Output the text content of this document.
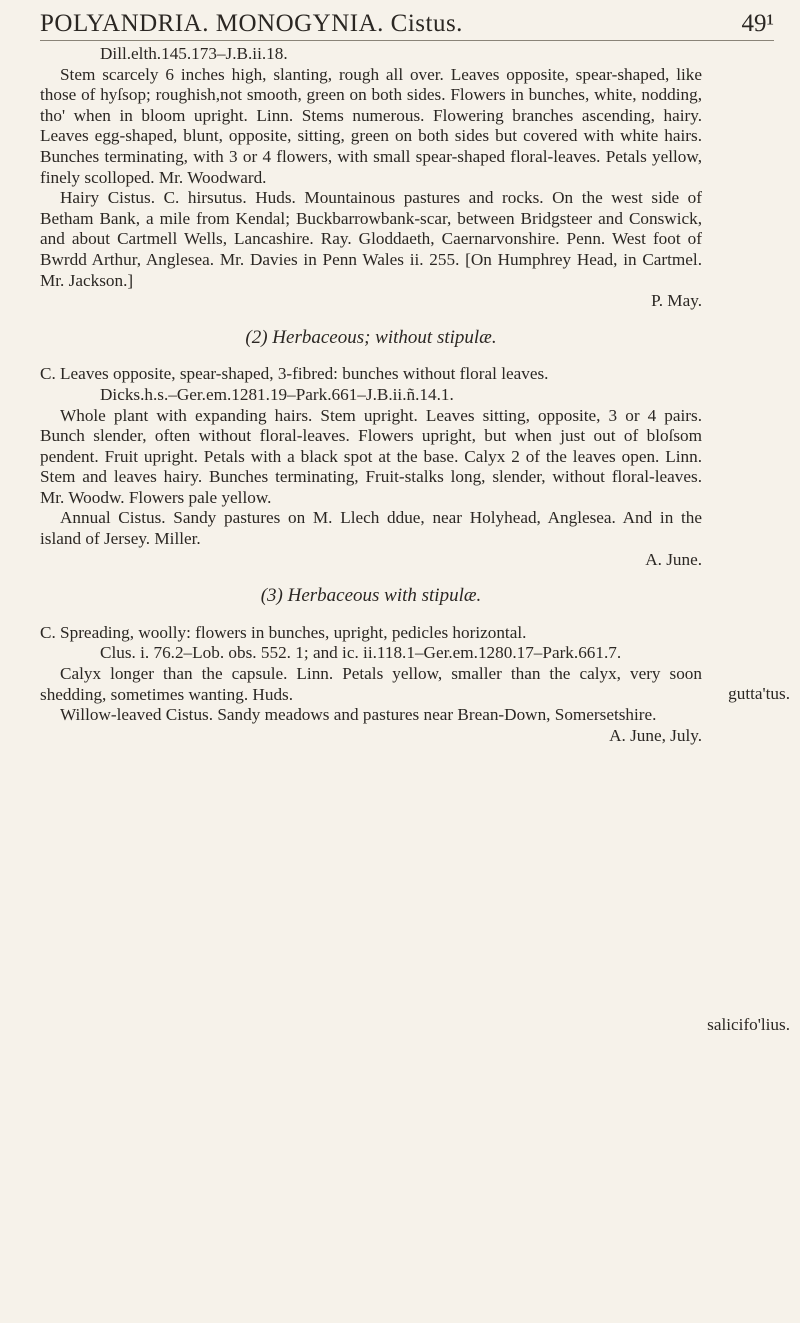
POLYANDRIA. MONOGYNIA. Cistus.	49¹

Dill.elth.145.173–J.B.ii.18.

Stem scarcely 6 inches high, slanting, rough all over. Leaves opposite, spear-shaped, like those of hyſsop; roughish,not smooth, green on both sides. Flowers in bunches, white, nodding, tho' when in bloom upright. Linn. Stems numerous. Flowering branches ascending, hairy. Leaves egg-shaped, blunt, opposite, sitting, green on both sides but covered with white hairs. Bunches terminating, with 3 or 4 flowers, with small spear-shaped floral-leaves. Petals yellow, finely scolloped. Mr. Woodward.

Hairy Cistus. C. hirsutus. Huds. Mountainous pastures and rocks. On the west side of Betham Bank, a mile from Kendal; Buckbarrowbank-scar, between Bridgsteer and Conswick, and about Cartmell Wells, Lancashire. Ray. Gloddaeth, Caernarvonshire. Penn. West foot of Bwrdd Arthur, Anglesea. Mr. Davies in Penn Wales ii. 255. [On Humphrey Head, in Cartmel. Mr. Jackson.]

P. May.

(2) Herbaceous; without stipulæ.

C. Leaves opposite, spear-shaped, 3-fibred: bunches without floral leaves.

Dicks.h.s.–Ger.em.1281.19–Park.661–J.B.ii.ñ.14.1.

Whole plant with expanding hairs. Stem upright. Leaves sitting, opposite, 3 or 4 pairs. Bunch slender, often without floral-leaves. Flowers upright, but when just out of bloſsom pendent. Fruit upright. Petals with a black spot at the base. Calyx 2 of the leaves open. Linn. Stem and leaves hairy. Bunches terminating, Fruit-stalks long, slender, without floral-leaves. Mr. Woodw. Flowers pale yellow.

Annual Cistus. Sandy pastures on M. Llech ddue, near Holyhead, Anglesea. And in the island of Jersey. Miller.

A. June.

(3) Herbaceous with stipulæ.

C. Spreading, woolly: flowers in bunches, upright, pedicles horizontal.

Clus. i. 76.2–Lob. obs. 552. 1; and ic. ii.118.1–Ger.em.1280.17–Park.661.7.

Calyx longer than the capsule. Linn. Petals yellow, smaller than the calyx, very soon shedding, sometimes wanting. Huds.

Willow-leaved Cistus. Sandy meadows and pastures near Brean-Down, Somersetshire.

A. June, July.

gutta'tus.
salicifo'lius.
